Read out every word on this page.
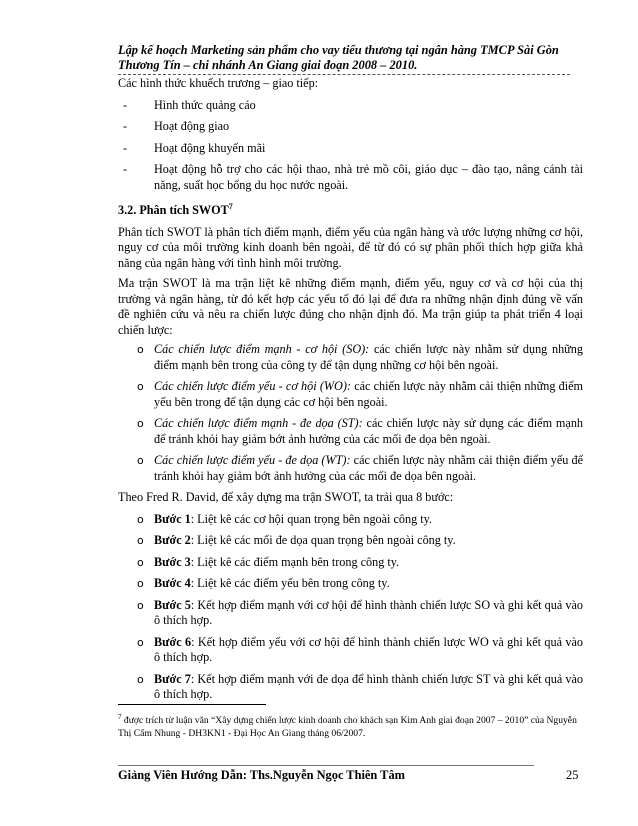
Lập kế hoạch Marketing sản phẩm cho vay tiểu thương tại ngân hàng TMCP Sài Gòn
Thương Tín – chi nhánh An Giang giai đoạn 2008 – 2010.

Các hình thức khuếch trương – giao tiếp:

- Hình thức quảng cáo
- Hoạt động giao
- Hoạt động khuyến mãi
- Hoạt động hỗ trợ cho các hội thao, nhà trẻ mồ côi, giáo dục – đào tạo, nâng cánh tài năng, suất học bổng du học nước ngoài.
3.2. Phân tích SWOT$^7$

Phân tích SWOT là phân tích điểm mạnh, điểm yếu của ngân hàng và ước lượng những cơ hội, nguy cơ của môi trường kinh doanh bên ngoài, để từ đó có sự phân phối thích hợp giữa khả năng của ngân hàng với tình hình môi trường.

Ma trận SWOT là ma trận liệt kê những điểm mạnh, điểm yếu, nguy cơ và cơ hội của thị trường và ngân hàng, từ đó kết hợp các yếu tố đó lại để đưa ra những nhận định đúng về vấn đề nghiên cứu và nêu ra chiến lược đúng cho nhận định đó. Ma trận giúp ta phát triển 4 loại chiến lược:

o Các chiến lược điểm mạnh - cơ hội (SO): các chiến lược này nhằm sử dụng những điểm mạnh bên trong của công ty để tận dụng những cơ hội bên ngoài.
o Các chiến lược điểm yếu - cơ hội (WO): các chiến lược này nhằm cải thiện những điểm yếu bên trong để tận dụng các cơ hội bên ngoài.
o Các chiến lược điểm mạnh - đe dọa (ST): các chiến lược này sử dụng các điểm mạnh để tránh khỏi hay giảm bớt ảnh hưởng của các mối đe dọa bên ngoài.
o Các chiến lược điểm yếu - đe dọa (WT): các chiến lược này nhằm cải thiện điểm yếu để tránh khỏi hay giảm bớt ảnh hưởng của các mối đe dọa bên ngoài.

Theo Fred R. David, để xây dựng ma trận SWOT, ta trải qua 8 bước:

o Bước 1: Liệt kê các cơ hội quan trọng bên ngoài công ty.
o Bước 2: Liệt kê các mối đe dọa quan trọng bên ngoài công ty.
o Bước 3: Liệt kê các điểm mạnh bên trong công ty.
o Bước 4: Liệt kê các điểm yếu bên trong công ty.
o Bước 5: Kết hợp điểm mạnh với cơ hội để hình thành chiến lược SO và ghi kết quả vào ô thích hợp.
o Bước 6: Kết hợp điểm yếu với cơ hội để hình thành chiến lược WO và ghi kết quả vào ô thích hợp.
o Bước 7: Kết hợp điểm mạnh với đe dọa để hình thành chiến lược ST và ghi kết quả vào ô thích hợp.
$^7$ được trích từ luận văn “Xây dựng chiến lược kinh doanh cho khách sạn Kim Anh giai đoạn 2007 – 2010” của Nguyễn Thị Cẩm Nhung - DH3KN1 - Đại Học An Giang tháng 06/2007.
Giảng Viên Hướng Dẫn: Ths.Nguyễn Ngọc Thiên Tâm	25
